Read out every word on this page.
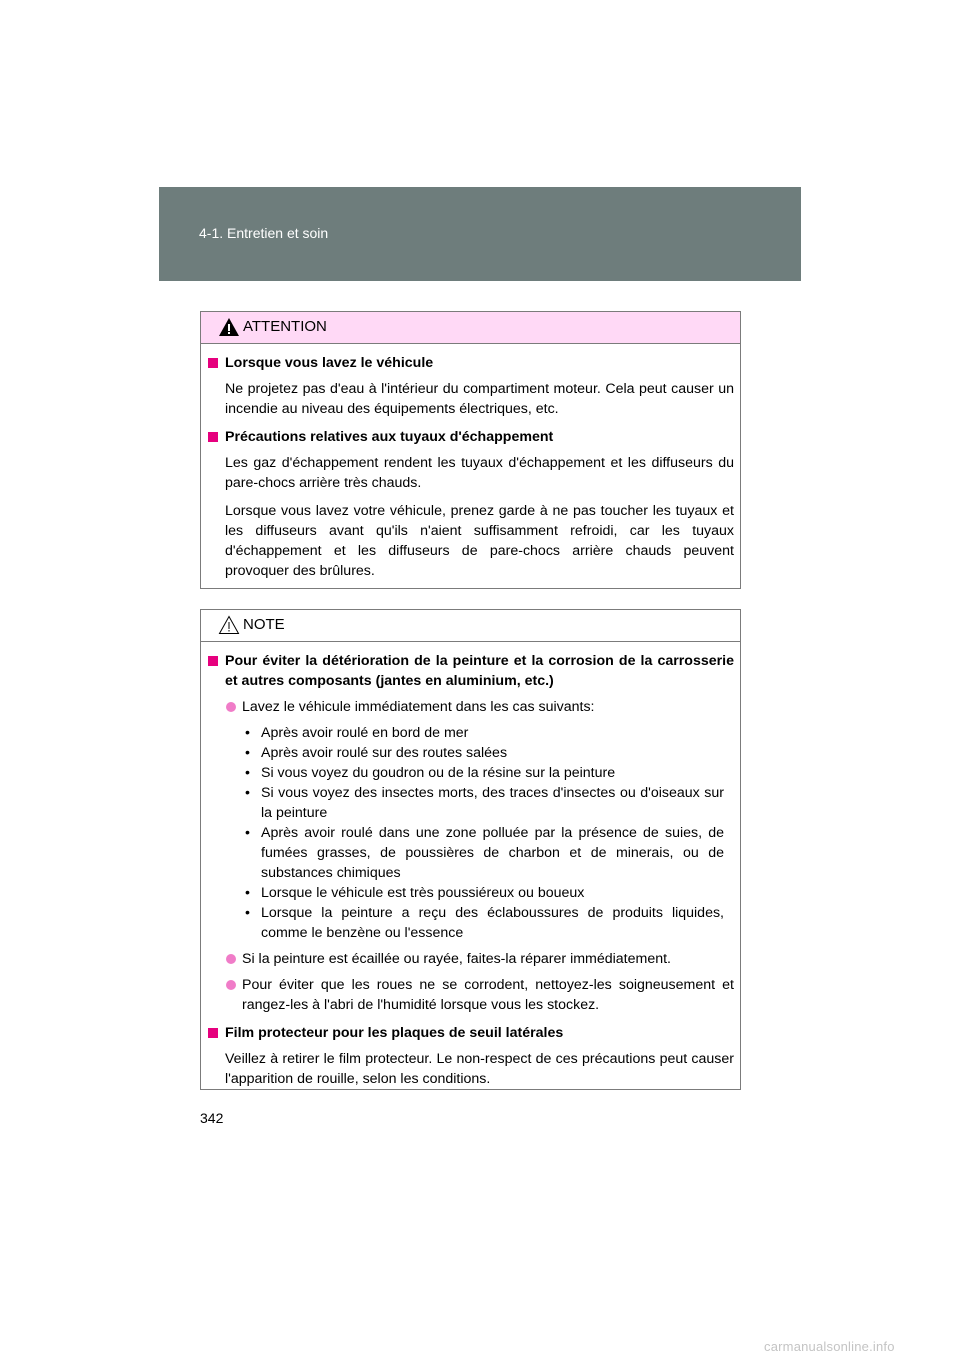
4-1. Entretien et soin
ATTENTION
Lorsque vous lavez le véhicule
Ne projetez pas d'eau à l'intérieur du compartiment moteur. Cela peut causer un incendie au niveau des équipements électriques, etc.
Précautions relatives aux tuyaux d'échappement
Les gaz d'échappement rendent les tuyaux d'échappement et les diffuseurs du pare-chocs arrière très chauds.
Lorsque vous lavez votre véhicule, prenez garde à ne pas toucher les tuyaux et les diffuseurs avant qu'ils n'aient suffisamment refroidi, car les tuyaux d'échappement et les diffuseurs de pare-chocs arrière chauds peuvent provoquer des brûlures.
NOTE
Pour éviter la détérioration de la peinture et la corrosion de la carrosserie et autres composants (jantes en aluminium, etc.)
Lavez le véhicule immédiatement dans les cas suivants:
• Après avoir roulé en bord de mer
• Après avoir roulé sur des routes salées
• Si vous voyez du goudron ou de la résine sur la peinture
• Si vous voyez des insectes morts, des traces d'insectes ou d'oiseaux sur la peinture
• Après avoir roulé dans une zone polluée par la présence de suies, de fumées grasses, de poussières de charbon et de minerais, ou de substances chimiques
• Lorsque le véhicule est très poussiéreux ou boueux
• Lorsque la peinture a reçu des éclaboussures de produits liquides, comme le benzène ou l'essence
Si la peinture est écaillée ou rayée, faites-la réparer immédiatement.
Pour éviter que les roues ne se corrodent, nettoyez-les soigneusement et rangez-les à l'abri de l'humidité lorsque vous les stockez.
Film protecteur pour les plaques de seuil latérales
Veillez à retirer le film protecteur. Le non-respect de ces précautions peut causer l'apparition de rouille, selon les conditions.
342
carmanualsonline.info
